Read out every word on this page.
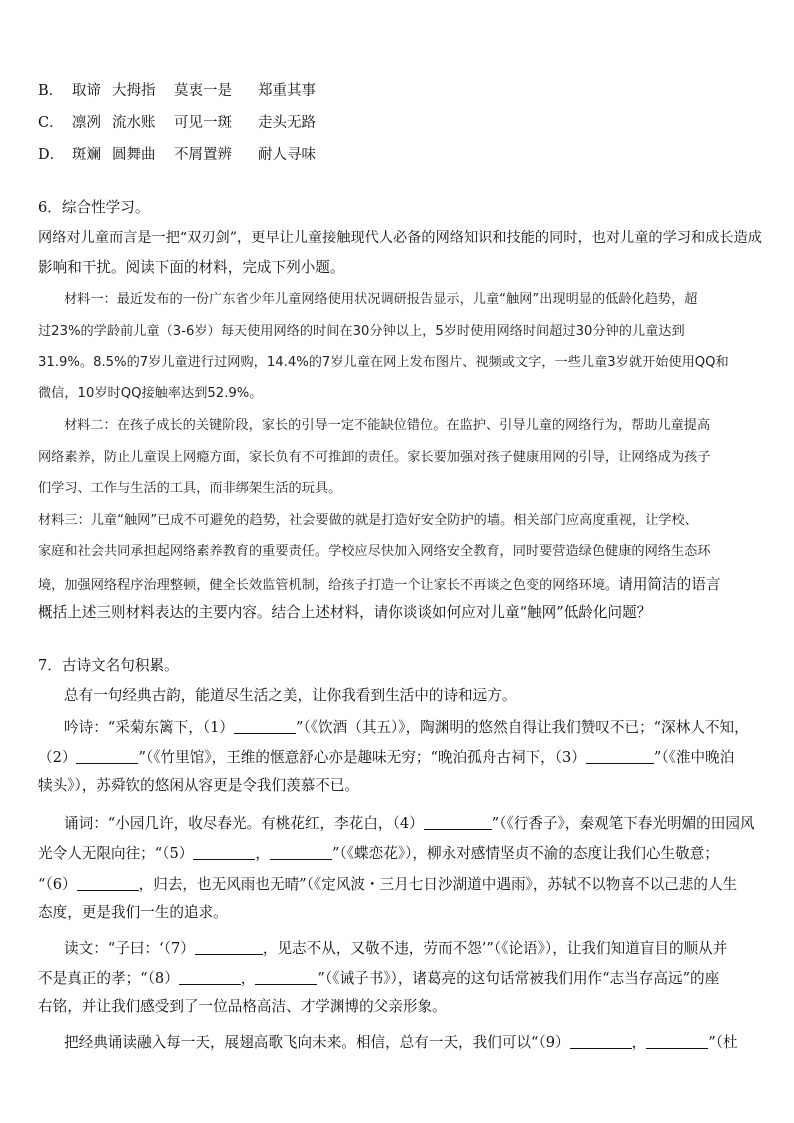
B． 取谛 大拇指 莫衷一是 郑重其事
C． 凛冽 流水账 可见一斑 走头无路
D． 斑斓 圆舞曲 不屑置辨 耐人寻味
6．综合性学习。
网络对儿童而言是一把“双刃剑”，更早让儿童接触现代人必备的网络知识和技能的同时，也对儿童的学习和成长造成
影响和干扰。阅读下面的材料，完成下列小题。
材料一：最近发布的一份广东省少年儿童网络使用状况调研报告显示，儿童“触网”出现明显的低龄化趋势，超
过23%的学龄前儿童（3-6岁）每天使用网络的时间在30分钟以上，5岁时使用网络时间超过30分钟的儿童达到
31.9%。8.5%的7岁儿童进行过网购，14.4%的7岁儿童在网上发布图片、视频或文字，一些儿童3岁就开始使用QQ和
微信，10岁时QQ接触率达到52.9%。
材料二：在孩子成长的关键阶段，家长的引导一定不能缺位错位。在监护、引导儿童的网络行为，帮助儿童提高
网络素养，防止儿童误上网瘾方面，家长负有不可推卸的责任。家长要加强对孩子健康用网的引导，让网络成为孩子
们学习、工作与生活的工具，而非绑架生活的玩具。
材料三：儿童“触网”已成不可避免的趋势，社会要做的就是打造好安全防护的墙。相关部门应高度重视，让学校、
家庭和社会共同承担起网络素养教育的重要责任。学校应尽快加入网络安全教育，同时要营造绿色健康的网络生态环
境，加强网络程序治理整顿，健全长效监管机制，给孩子打造一个让家长不再谈之色变的网络环境。请用简洁的语言
概括上述三则材料表达的主要内容。结合上述材料，请你谈谈如何应对儿童“触网”低龄化问题？
7．古诗文名句积累。
总有一句经典古韵，能道尽生活之美，让你我看到生活中的诗和远方。
吟诗：“采菊东篱下，（1）	”（《饮酒（其五）》，陶渊明的悠然自得让我们赞叹不已；“深林人不知，
（2）	”（《竹里馆》，王维的惬意舒心亦是趣味无穷；“晚泊孤舟古祠下，（3）	”（《淮中晚泊
犊头》），苏舜钦的悠闲从容更是令我们羡慕不已。
诵词：“小园几许，收尽春光。有桃花红，李花白，（4）	”（《行香子》，秦观笔下春光明媚的田园风
光令人无限向往；“（5）	，	”（《蝶恋花》），柳永对感情坚贞不渝的态度让我们心生敬意；
“（6）	，归去，也无风雨也无晴”（《定风波・三月七日沙湖道中遇雨》，苏轼不以物喜不以己悲的人生
态度，更是我们一生的追求。
读文：“子曰：‘（7）	，见志不从，又敬不违，劳而不怨’”（《论语》），让我们知道盲目的顺从并
不是真正的孝；“（8）	，	”（《诫子书》），诸葛亮的这句话常被我们用作“志当存高远”的座
右铭，并让我们感受到了一位品格高洁、才学渊博的父亲形象。
把经典诵读融入每一天，展翅高歌飞向未来。相信，总有一天，我们可以“（9）	，	”（杜
